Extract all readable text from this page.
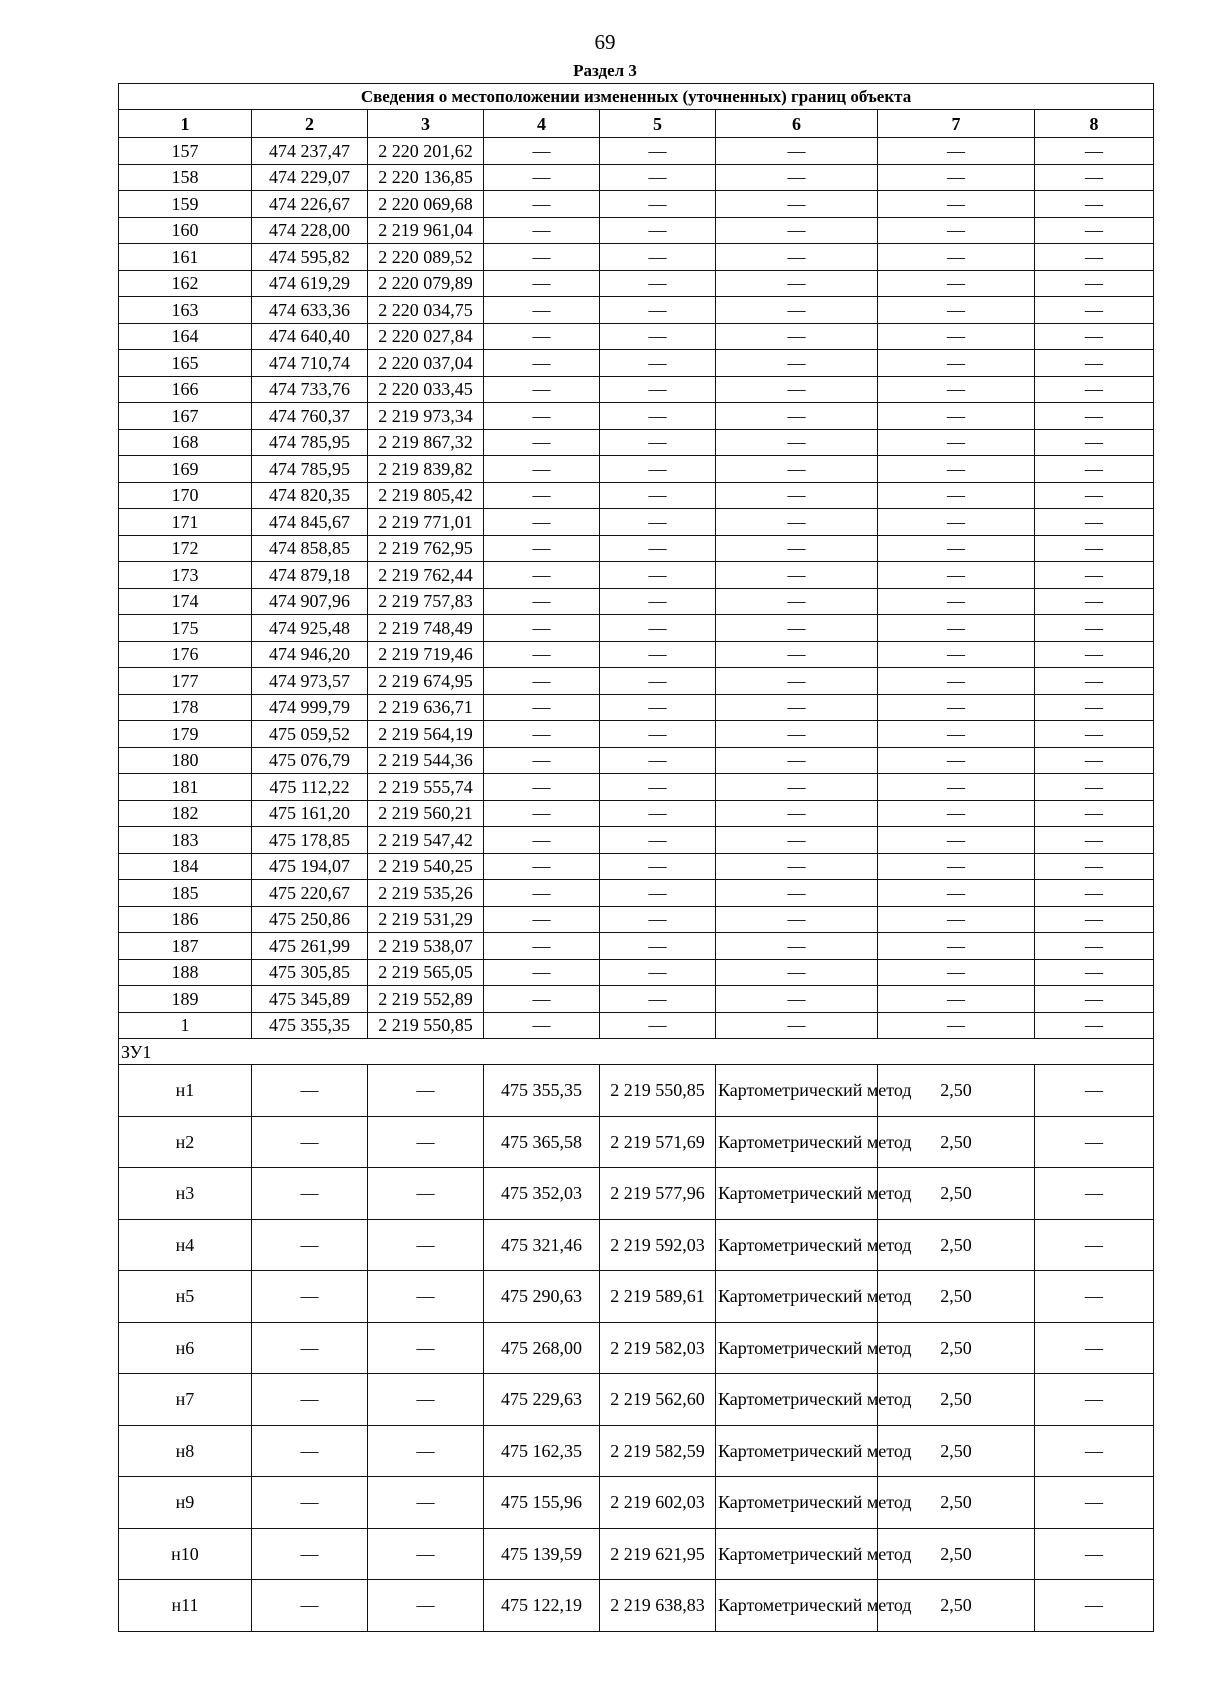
69
Раздел 3
Сведения о местоположении измененных (уточненных) границ объекта							
1	2	3	4	5	6	7	8
157	474 237,47	2 220 201,62	—	—	—	—	—
158	474 229,07	2 220 136,85	—	—	—	—	—
159	474 226,67	2 220 069,68	—	—	—	—	—
160	474 228,00	2 219 961,04	—	—	—	—	—
161	474 595,82	2 220 089,52	—	—	—	—	—
162	474 619,29	2 220 079,89	—	—	—	—	—
163	474 633,36	2 220 034,75	—	—	—	—	—
164	474 640,40	2 220 027,84	—	—	—	—	—
165	474 710,74	2 220 037,04	—	—	—	—	—
166	474 733,76	2 220 033,45	—	—	—	—	—
167	474 760,37	2 219 973,34	—	—	—	—	—
168	474 785,95	2 219 867,32	—	—	—	—	—
169	474 785,95	2 219 839,82	—	—	—	—	—
170	474 820,35	2 219 805,42	—	—	—	—	—
171	474 845,67	2 219 771,01	—	—	—	—	—
172	474 858,85	2 219 762,95	—	—	—	—	—
173	474 879,18	2 219 762,44	—	—	—	—	—
174	474 907,96	2 219 757,83	—	—	—	—	—
175	474 925,48	2 219 748,49	—	—	—	—	—
176	474 946,20	2 219 719,46	—	—	—	—	—
177	474 973,57	2 219 674,95	—	—	—	—	—
178	474 999,79	2 219 636,71	—	—	—	—	—
179	475 059,52	2 219 564,19	—	—	—	—	—
180	475 076,79	2 219 544,36	—	—	—	—	—
181	475 112,22	2 219 555,74	—	—	—	—	—
182	475 161,20	2 219 560,21	—	—	—	—	—
183	475 178,85	2 219 547,42	—	—	—	—	—
184	475 194,07	2 219 540,25	—	—	—	—	—
185	475 220,67	2 219 535,26	—	—	—	—	—
186	475 250,86	2 219 531,29	—	—	—	—	—
187	475 261,99	2 219 538,07	—	—	—	—	—
188	475 305,85	2 219 565,05	—	—	—	—	—
189	475 345,89	2 219 552,89	—	—	—	—	—
1	475 355,35	2 219 550,85	—	—	—	—	—
ЗУ1							
н1	—	—	475 355,35	2 219 550,85	Картометрический метод	2,50	—
н2	—	—	475 365,58	2 219 571,69	Картометрический метод	2,50	—
н3	—	—	475 352,03	2 219 577,96	Картометрический метод	2,50	—
н4	—	—	475 321,46	2 219 592,03	Картометрический метод	2,50	—
н5	—	—	475 290,63	2 219 589,61	Картометрический метод	2,50	—
н6	—	—	475 268,00	2 219 582,03	Картометрический метод	2,50	—
н7	—	—	475 229,63	2 219 562,60	Картометрический метод	2,50	—
н8	—	—	475 162,35	2 219 582,59	Картометрический метод	2,50	—
н9	—	—	475 155,96	2 219 602,03	Картометрический метод	2,50	—
н10	—	—	475 139,59	2 219 621,95	Картометрический метод	2,50	—
н11	—	—	475 122,19	2 219 638,83	Картометрический метод	2,50	—
